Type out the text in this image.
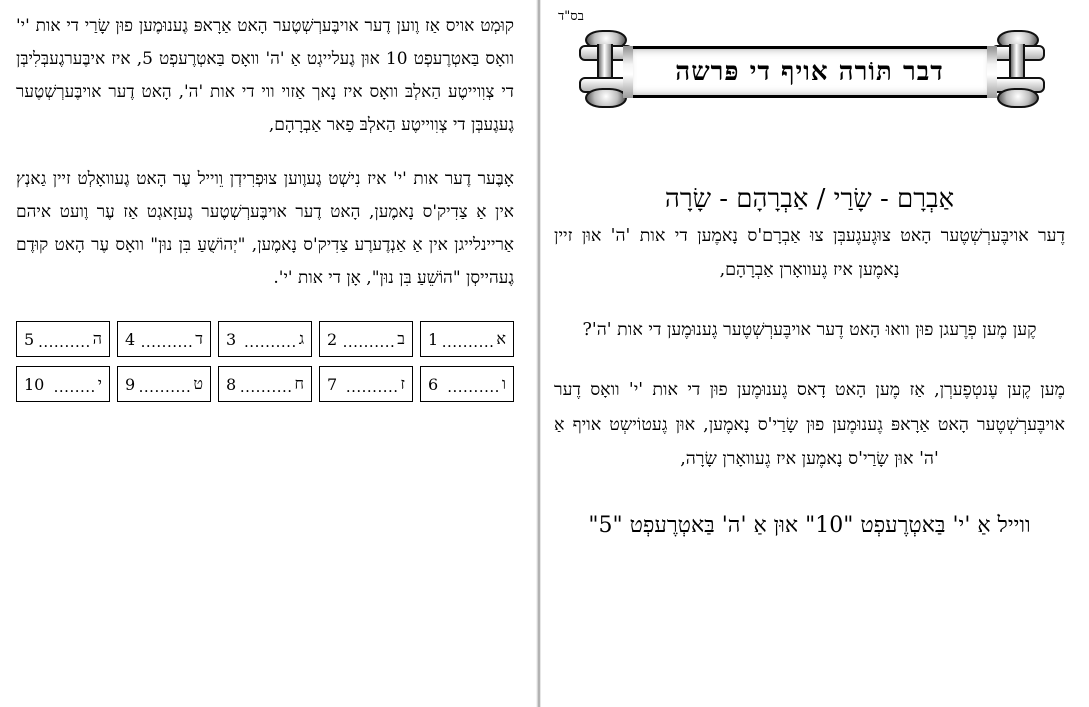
בס"ד
דבר תּוֹרה אויף די פּרשה
אַבְרָם - שָׂרַי / אַבְרָהָם - שָׂרָה

דֶער אויבֶּערְשְׁטֶער הָאט צוּגֶעגֶעבְּן צוּ אַבְרָם'ס נָאמֶען די אות 'ה' אוּן זיין נָאמֶען איז גֶעוואָרן אַבְרָהָם,

קֶען מֶען פְרֶעגן פוּן וואוּ הָאט דֶער אויבֶּערְשְׁטֶער גֶענוּמֶען די אות 'ה'?

מֶען קֶען עֶנטְפֶערְן, אַז מֶען הָאט דָאס גֶענוּמֶען פוּן די אות 'י' וואָס דֶער אויבֶּערְשְׁטֶער הָאט אַרָאפּ גֶענוּמֶען פוּן שָׂרַי'ס נָאמֶען, אוּן גֶעטוֹישְט אויף אַ 'ה' אוּן שָׂרַי'ס נָאמֶען איז גֶעוואָרן שָׂרָה,

ווייל אַ 'י' בַּאטְרֶעפְט "10" אוּן אַ 'ה' בַּאטְרֶעפְט "5"

קוּמְט אויס אַז וֶוען דֶער אויבֶּערְשְׁטֶער הָאט אַרָאפּ גֶענוּמֶען פוּן שָׂרַי די אות 'י' וואָס בַּאטְרֶעפְט 10 אוּן גֶעלייגְט אַ 'ה' וואָס בַּאטְרֶעפְט 5, איז איבֶּערגֶעבְּלִיבְּן די צְוִוייטֶע הַאלְבּ וואָס איז נָאך אַזוי ווי די אות 'ה', הָאט דֶער אויבֶּערְשְׁטֶער גֶעגֶעבְּן די צְוִוייטֶע הַאלְבּ פַאר אַבְרָהָם,

אָבֶּער דֶער אות 'י' איז נִישְׁט גֶעוֶוען צוּפְרִידְן וֵוייל עֶר הָאט גֶעוואָלְט זיין גַאנְץ אין אַ צַדִיק'ס נָאמֶען, הָאט דֶער אויבֶּערְשְׁטֶער גֶעזָאגְט אַז עֶר וֶועט איהם אַריינלייגן אין אַ אַנְדֶערֶע צַדִיק'ס נָאמֶען, "יְהוֹשֻׁעַ בִּן נוּן" וואָס עֶר הָאט קוּדֶם גֶעהייסְן "הוֹשֵׁעַ בִּן נוּן", אָן די אות 'י'.

א
..........
1
ב
..........
2
ג
..........
3
ד
..........
4
ה
..........
5
ו
..........
6
ז
..........
7
ח
..........
8
ט
..........
9
י
........
10
